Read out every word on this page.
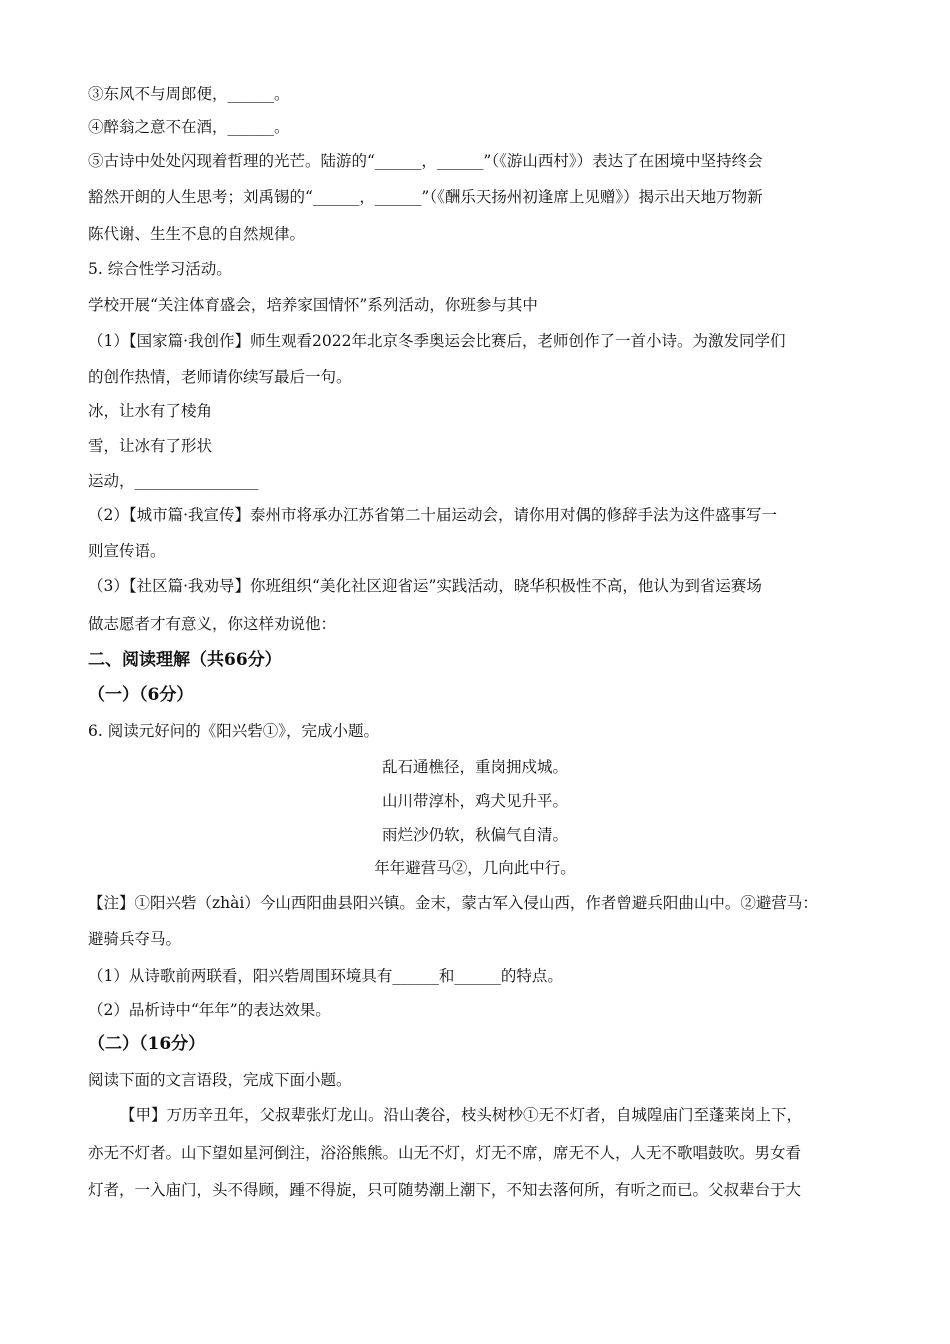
③东风不与周郎便，______。
④醉翁之意不在酒，______。
⑤古诗中处处闪现着哲理的光芒。陆游的“______，______”（《游山西村》）表达了在困境中坚持终会
豁然开朗的人生思考；刘禹锡的“______，______”（《酬乐天扬州初逢席上见赠》）揭示出天地万物新
陈代谢、生生不息的自然规律。
5. 综合性学习活动。
学校开展“关注体育盛会，培养家国情怀”系列活动，你班参与其中
（1）【国家篇·我创作】师生观看2022年北京冬季奥运会比赛后，老师创作了一首小诗。为激发同学们
的创作热情，老师请你续写最后一句。
冰，让水有了棱角
雪，让冰有了形状
运动，________________
（2）【城市篇·我宣传】泰州市将承办江苏省第二十届运动会，请你用对偶的修辞手法为这件盛事写一
则宣传语。
（3）【社区篇·我劝导】你班组织“美化社区迎省运”实践活动，晓华积极性不高，他认为到省运赛场
做志愿者才有意义，你这样劝说他：
二、阅读理解（共66分）
（一）（6分）
6. 阅读元好问的《阳兴砦①》，完成小题。
乱石通樵径，重岗拥戍城。
山川带淳朴，鸡犬见升平。
雨烂沙仍软，秋偏气自清。
年年避营马②，几向此中行。
【注】①阳兴砦（zhài）今山西阳曲县阳兴镇。金末，蒙古军入侵山西，作者曾避兵阳曲山中。②避营马：
避骑兵夺马。
（1）从诗歌前两联看，阳兴砦周围环境具有______和______的特点。
（2）品析诗中“年年”的表达效果。
（二）（16分）
阅读下面的文言语段，完成下面小题。
【甲】万历辛丑年，父叔辈张灯龙山。沿山袭谷，枝头树杪①无不灯者，自城隍庙门至蓬莱岗上下，
亦无不灯者。山下望如星河倒注，浴浴熊熊。山无不灯，灯无不席，席无不人，人无不歌唱鼓吹。男女看
灯者，一入庙门，头不得顾，踵不得旋，只可随势潮上潮下，不知去落何所，有听之而已。父叔辈台于大
